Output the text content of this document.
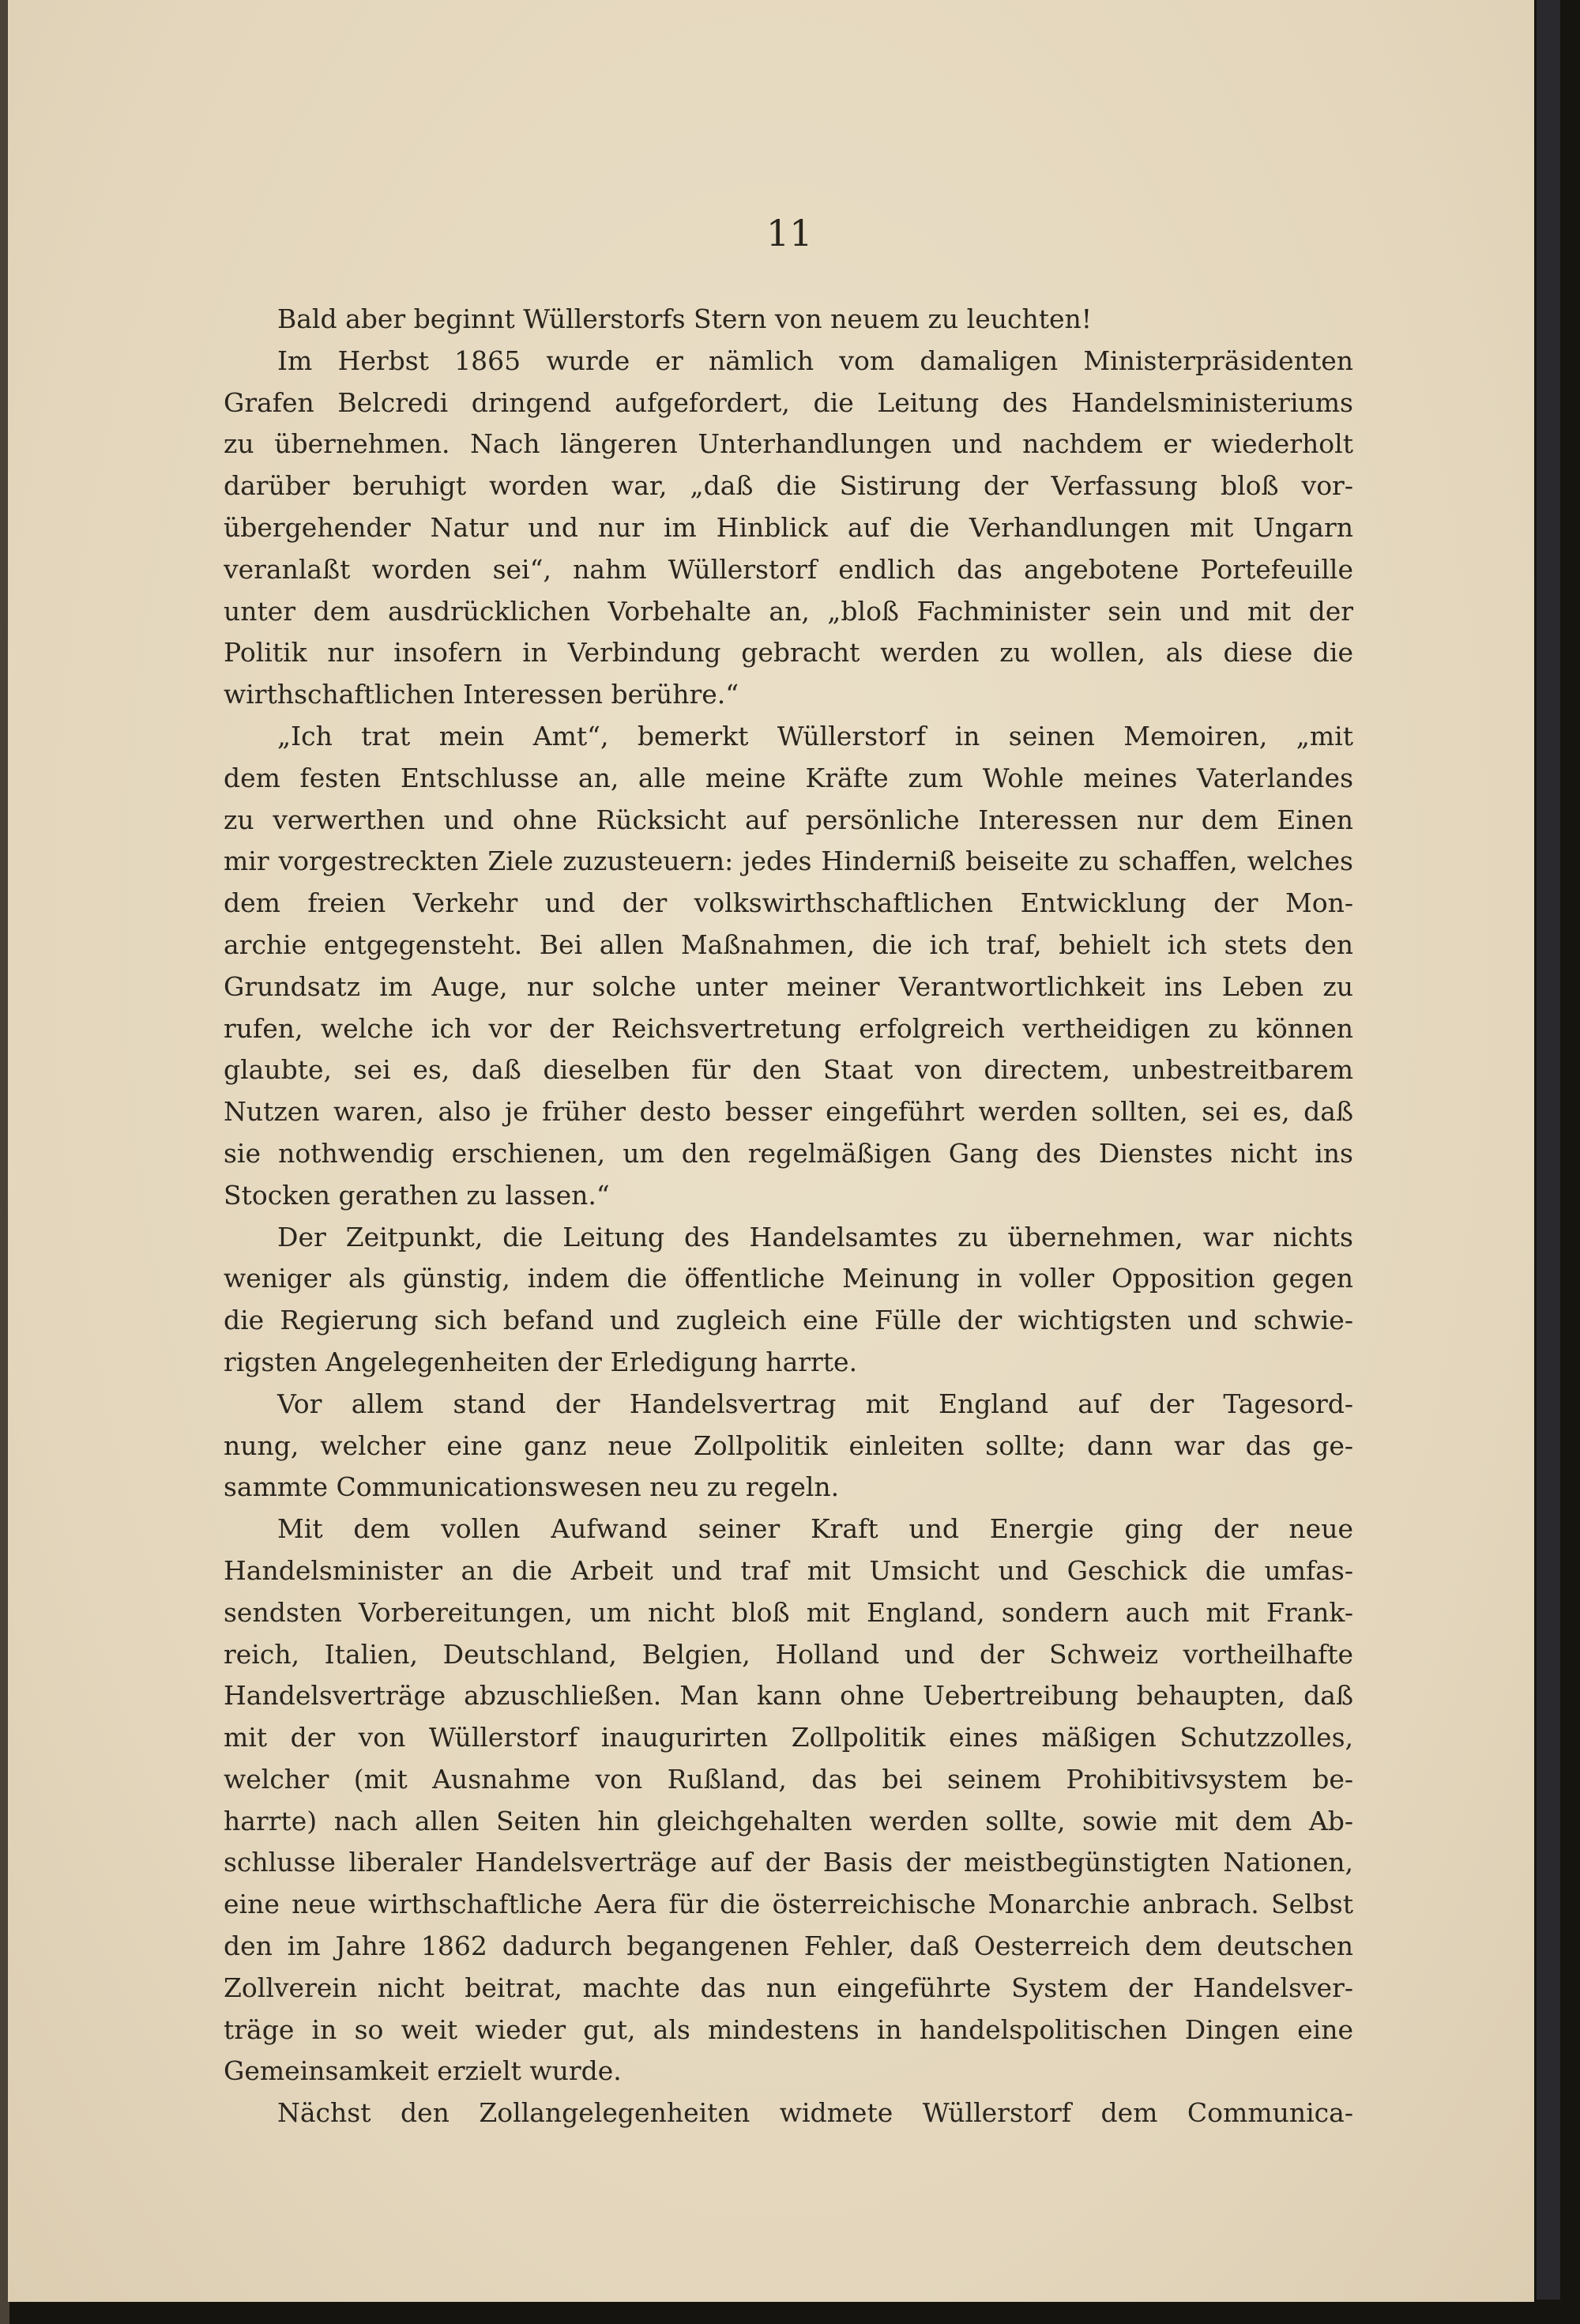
11
Bald aber beginnt Wüllerstorfs Stern von neuem zu leuchten!
Im Herbst 1865 wurde er nämlich vom damaligen Ministerpräsidenten
Grafen Belcredi dringend aufgefordert, die Leitung des Handelsministeriums
zu übernehmen. Nach längeren Unterhandlungen und nachdem er wiederholt
darüber beruhigt worden war, „daß die Sistirung der Verfassung bloß vor-
übergehender Natur und nur im Hinblick auf die Verhandlungen mit Ungarn
veranlaßt worden sei“, nahm Wüllerstorf endlich das angebotene Portefeuille
unter dem ausdrücklichen Vorbehalte an, „bloß Fachminister sein und mit der
Politik nur insofern in Verbindung gebracht werden zu wollen, als diese die
wirthschaftlichen Interessen berühre.“
„Ich trat mein Amt“, bemerkt Wüllerstorf in seinen Memoiren, „mit
dem festen Entschlusse an, alle meine Kräfte zum Wohle meines Vaterlandes
zu verwerthen und ohne Rücksicht auf persönliche Interessen nur dem Einen
mir vorgestreckten Ziele zuzusteuern: jedes Hinderniß beiseite zu schaffen, welches
dem freien Verkehr und der volkswirthschaftlichen Entwicklung der Mon-
archie entgegensteht. Bei allen Maßnahmen, die ich traf, behielt ich stets den
Grundsatz im Auge, nur solche unter meiner Verantwortlichkeit ins Leben zu
rufen, welche ich vor der Reichsvertretung erfolgreich vertheidigen zu können
glaubte, sei es, daß dieselben für den Staat von directem, unbestreitbarem
Nutzen waren, also je früher desto besser eingeführt werden sollten, sei es, daß
sie nothwendig erschienen, um den regelmäßigen Gang des Dienstes nicht ins
Stocken gerathen zu lassen.“
Der Zeitpunkt, die Leitung des Handelsamtes zu übernehmen, war nichts
weniger als günstig, indem die öffentliche Meinung in voller Opposition gegen
die Regierung sich befand und zugleich eine Fülle der wichtigsten und schwie-
rigsten Angelegenheiten der Erledigung harrte.
Vor allem stand der Handelsvertrag mit England auf der Tagesord-
nung, welcher eine ganz neue Zollpolitik einleiten sollte; dann war das ge-
sammte Communicationswesen neu zu regeln.
Mit dem vollen Aufwand seiner Kraft und Energie ging der neue
Handelsminister an die Arbeit und traf mit Umsicht und Geschick die umfas-
sendsten Vorbereitungen, um nicht bloß mit England, sondern auch mit Frank-
reich, Italien, Deutschland, Belgien, Holland und der Schweiz vortheilhafte
Handelsverträge abzuschließen. Man kann ohne Uebertreibung behaupten, daß
mit der von Wüllerstorf inaugurirten Zollpolitik eines mäßigen Schutzzolles,
welcher (mit Ausnahme von Rußland, das bei seinem Prohibitivsystem be-
harrte) nach allen Seiten hin gleichgehalten werden sollte, sowie mit dem Ab-
schlusse liberaler Handelsverträge auf der Basis der meistbegünstigten Nationen,
eine neue wirthschaftliche Aera für die österreichische Monarchie anbrach. Selbst
den im Jahre 1862 dadurch begangenen Fehler, daß Oesterreich dem deutschen
Zollverein nicht beitrat, machte das nun eingeführte System der Handelsver-
träge in so weit wieder gut, als mindestens in handelspolitischen Dingen eine
Gemeinsamkeit erzielt wurde.
Nächst den Zollangelegenheiten widmete Wüllerstorf dem Communica-
